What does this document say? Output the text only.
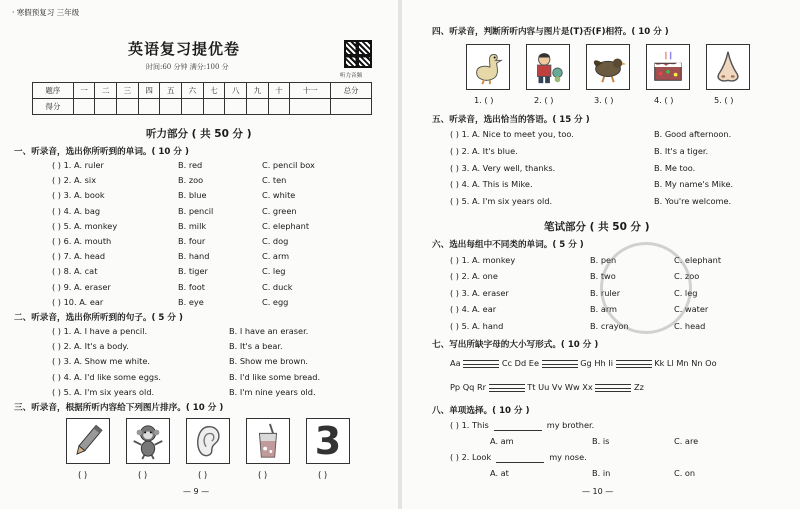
· 寒假预复习 三年级
英语复习提优卷
时间:60 分钟 满分:100 分
听力音频
题序	一	二	三	四	五	六	七	八	九	十	十一	总分
得分												
听力部分 ( 共 50 分 )
一、听录音，选出你所听到的单词。( 10 分 )
二、听录音，选出你所听到的句子。( 5 分 )
三、听录音，根据所听内容给下列图片排序。( 10 分 )
3
( )	( )	( )	( )	( )
— 9 —
( ) 1. A. ruler	B. red	C. pencil box
( ) 2. A. six	B. zoo	C. ten
( ) 3. A. book	B. blue	C. white
( ) 4. A. bag	B. pencil	C. green
( ) 5. A. monkey	B. milk	C. elephant
( ) 6. A. mouth	B. four	C. dog
( ) 7. A. head	B. hand	C. arm
( ) 8. A. cat	B. tiger	C. leg
( ) 9. A. eraser	B. foot	C. duck
( ) 10. A. ear	B. eye	C. egg
( ) 1. A. I have a pencil.	B. I have an eraser.
( ) 2. A. It's a body.	B. It's a bear.
( ) 3. A. Show me white.	B. Show me brown.
( ) 4. A. I'd like some eggs.	B. I'd like some bread.
( ) 5. A. I'm six years old.	B. I'm nine years old.
四、听录音，判断所听内容与图片是(T)否(F)相符。( 10 分 )
五、听录音，选出恰当的答语。( 15 分 )
笔试部分 ( 共 50 分 )
六、选出每组中不同类的单词。( 5 分 )
七、写出所缺字母的大小写形式。( 10 分 )
Aa	Cc Dd Ee	Gg Hh Ii	Kk Ll Mn Nn Oo
Pp Qq Rr	Tt Uu Vv Ww Xx	Zz
八、单项选择。( 10 分 )
— 10 —
1. ( )	2. ( )	3. ( )	4. ( )	5. ( )
( ) 1. A. Nice to meet you, too.	B. Good afternoon.
( ) 2. A. It's blue.	B. It's a tiger.
( ) 3. A. Very well, thanks.	B. Me too.
( ) 4. A. This is Mike.	B. My name's Mike.
( ) 5. A. I'm six years old.	B. You're welcome.
( ) 1. A. monkey	B. pen	C. elephant
( ) 2. A. one	B. two	C. zoo
( ) 3. A. eraser	B. ruler	C. leg
( ) 4. A. ear	B. arm	C. water
( ) 5. A. hand	B. crayon	C. head
( ) 1. This	my brother.
A. am	B. is	C. are
( ) 2. Look	my nose.
A. at	B. in	C. on
